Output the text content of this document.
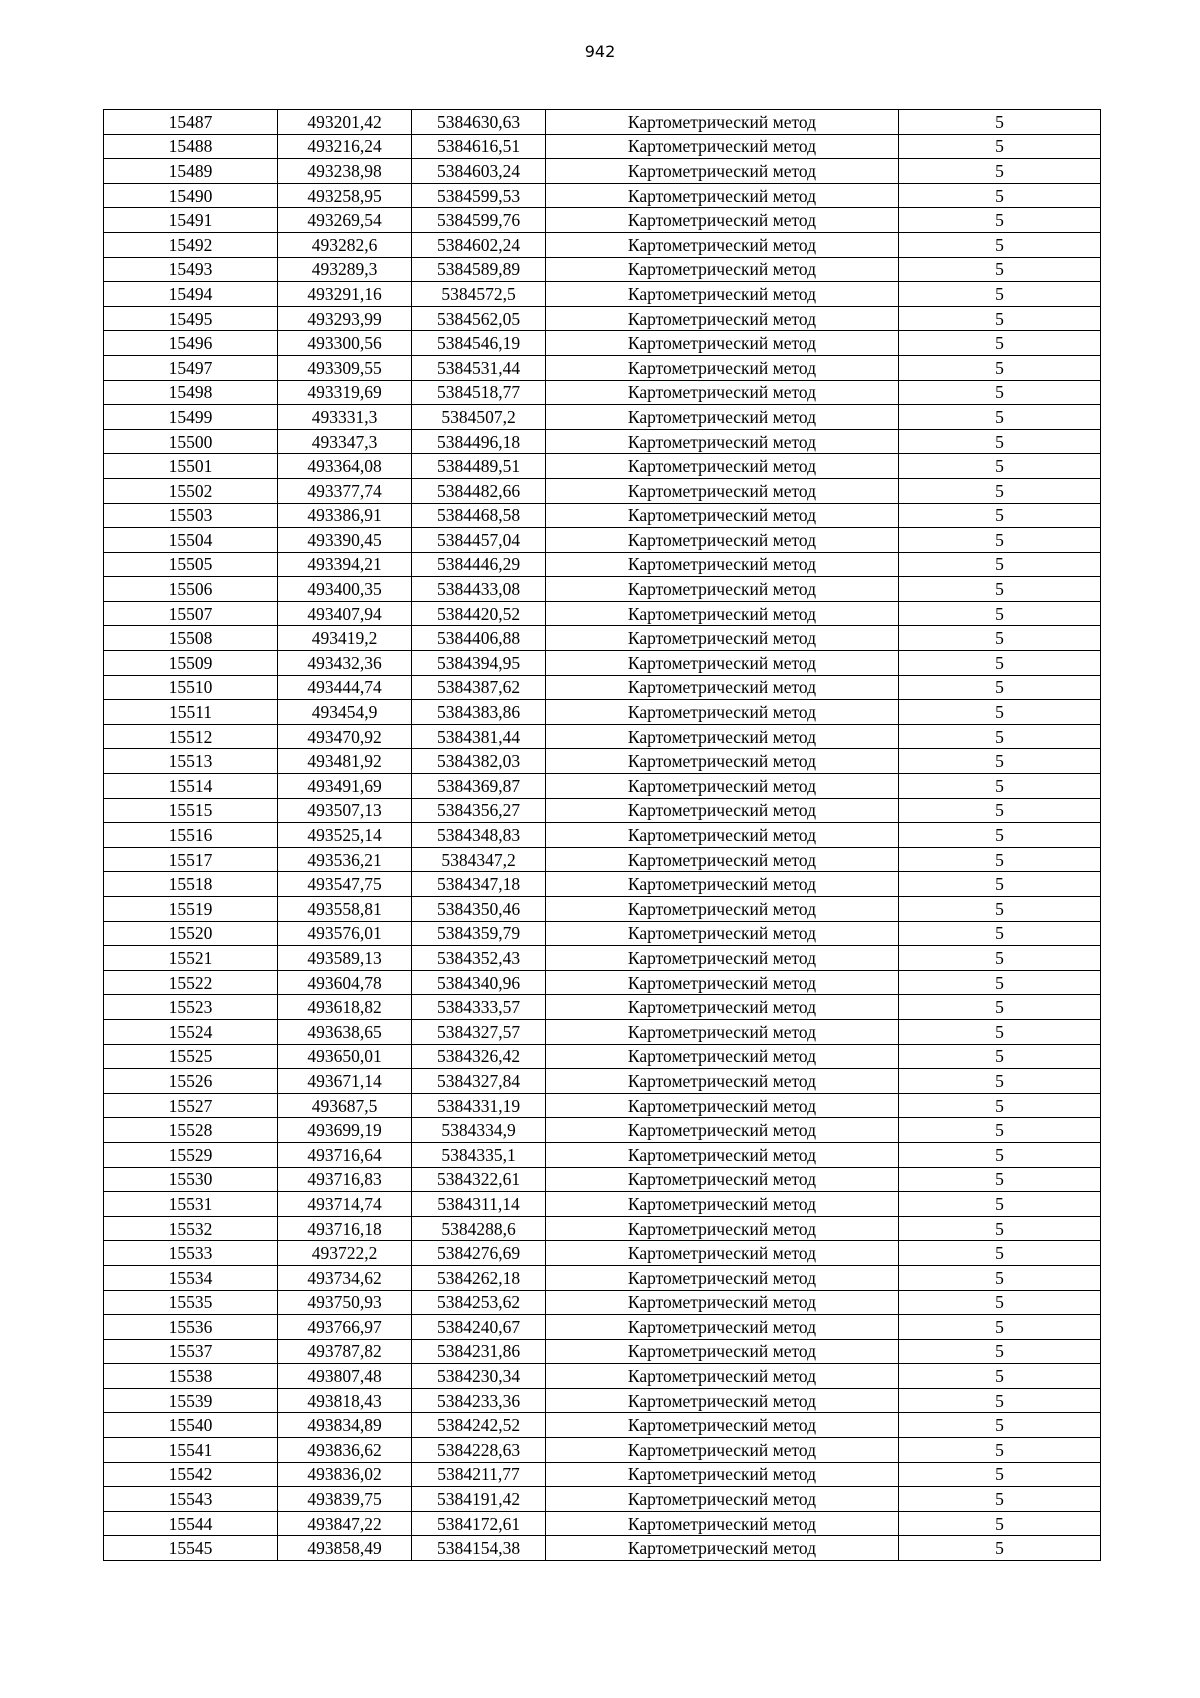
942
15487	493201,42	5384630,63	Картометрический метод	5
15488	493216,24	5384616,51	Картометрический метод	5
15489	493238,98	5384603,24	Картометрический метод	5
15490	493258,95	5384599,53	Картометрический метод	5
15491	493269,54	5384599,76	Картометрический метод	5
15492	493282,6	5384602,24	Картометрический метод	5
15493	493289,3	5384589,89	Картометрический метод	5
15494	493291,16	5384572,5	Картометрический метод	5
15495	493293,99	5384562,05	Картометрический метод	5
15496	493300,56	5384546,19	Картометрический метод	5
15497	493309,55	5384531,44	Картометрический метод	5
15498	493319,69	5384518,77	Картометрический метод	5
15499	493331,3	5384507,2	Картометрический метод	5
15500	493347,3	5384496,18	Картометрический метод	5
15501	493364,08	5384489,51	Картометрический метод	5
15502	493377,74	5384482,66	Картометрический метод	5
15503	493386,91	5384468,58	Картометрический метод	5
15504	493390,45	5384457,04	Картометрический метод	5
15505	493394,21	5384446,29	Картометрический метод	5
15506	493400,35	5384433,08	Картометрический метод	5
15507	493407,94	5384420,52	Картометрический метод	5
15508	493419,2	5384406,88	Картометрический метод	5
15509	493432,36	5384394,95	Картометрический метод	5
15510	493444,74	5384387,62	Картометрический метод	5
15511	493454,9	5384383,86	Картометрический метод	5
15512	493470,92	5384381,44	Картометрический метод	5
15513	493481,92	5384382,03	Картометрический метод	5
15514	493491,69	5384369,87	Картометрический метод	5
15515	493507,13	5384356,27	Картометрический метод	5
15516	493525,14	5384348,83	Картометрический метод	5
15517	493536,21	5384347,2	Картометрический метод	5
15518	493547,75	5384347,18	Картометрический метод	5
15519	493558,81	5384350,46	Картометрический метод	5
15520	493576,01	5384359,79	Картометрический метод	5
15521	493589,13	5384352,43	Картометрический метод	5
15522	493604,78	5384340,96	Картометрический метод	5
15523	493618,82	5384333,57	Картометрический метод	5
15524	493638,65	5384327,57	Картометрический метод	5
15525	493650,01	5384326,42	Картометрический метод	5
15526	493671,14	5384327,84	Картометрический метод	5
15527	493687,5	5384331,19	Картометрический метод	5
15528	493699,19	5384334,9	Картометрический метод	5
15529	493716,64	5384335,1	Картометрический метод	5
15530	493716,83	5384322,61	Картометрический метод	5
15531	493714,74	5384311,14	Картометрический метод	5
15532	493716,18	5384288,6	Картометрический метод	5
15533	493722,2	5384276,69	Картометрический метод	5
15534	493734,62	5384262,18	Картометрический метод	5
15535	493750,93	5384253,62	Картометрический метод	5
15536	493766,97	5384240,67	Картометрический метод	5
15537	493787,82	5384231,86	Картометрический метод	5
15538	493807,48	5384230,34	Картометрический метод	5
15539	493818,43	5384233,36	Картометрический метод	5
15540	493834,89	5384242,52	Картометрический метод	5
15541	493836,62	5384228,63	Картометрический метод	5
15542	493836,02	5384211,77	Картометрический метод	5
15543	493839,75	5384191,42	Картометрический метод	5
15544	493847,22	5384172,61	Картометрический метод	5
15545	493858,49	5384154,38	Картометрический метод	5
